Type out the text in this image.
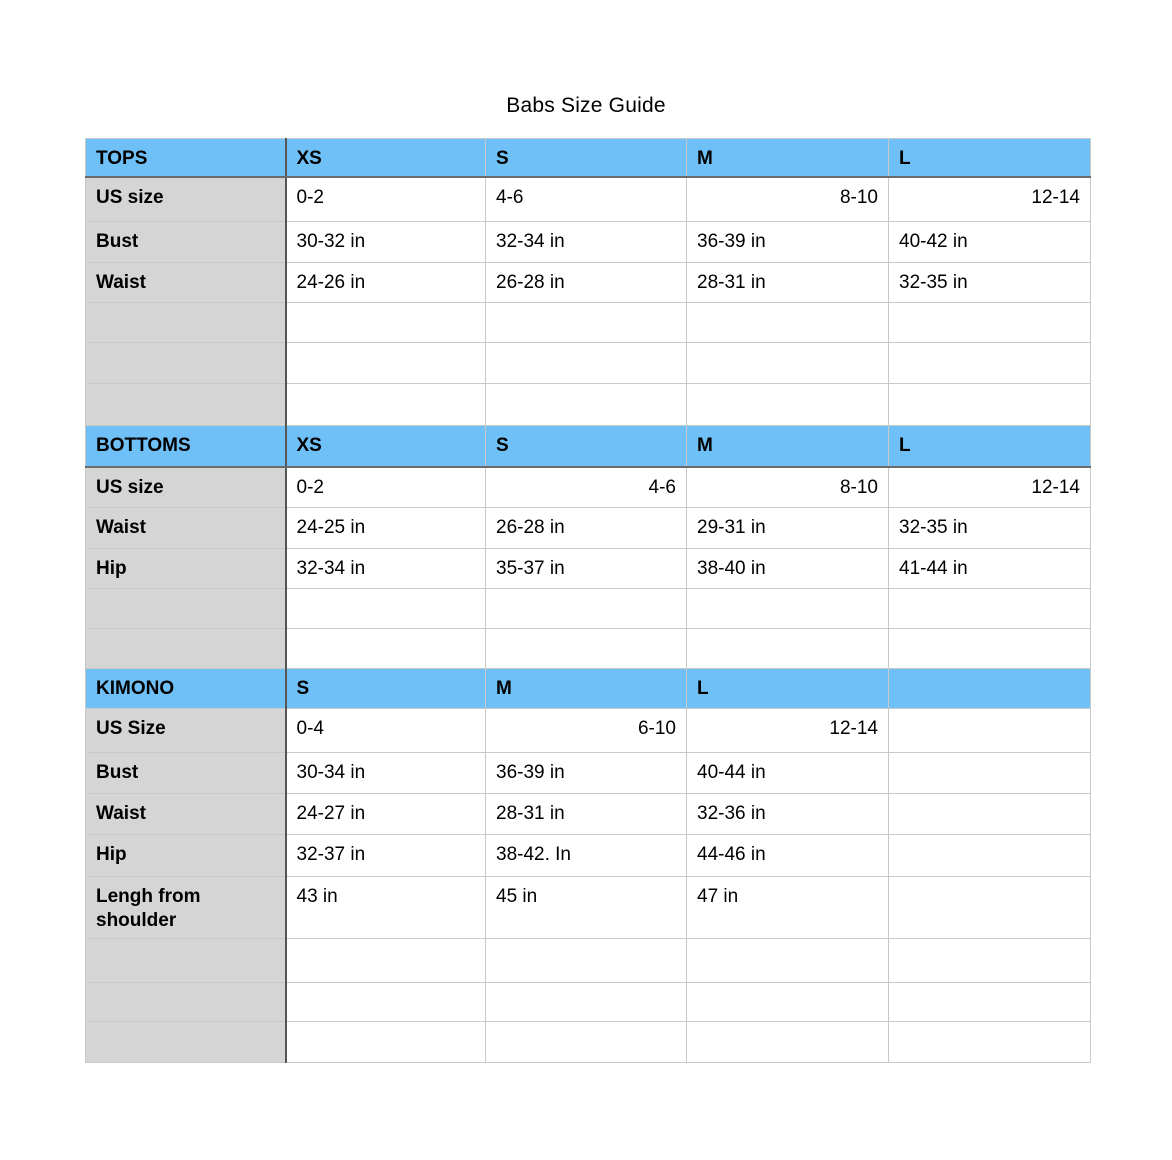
Babs Size Guide
TOPS	XS	S	M	L
US size	0-2	4-6	8-10	12-14
Bust	30-32 in	32-34 in	36-39 in	40-42 in
Waist	24-26 in	26-28 in	28-31 in	32-35 in

BOTTOMS	XS	S	M	L
US size	0-2	4-6	8-10	12-14
Waist	24-25 in	26-28 in	29-31 in	32-35 in
Hip	32-34 in	35-37 in	38-40 in	41-44 in

KIMONO	S	M	L	
US Size	0-4	6-10	12-14	
Bust	30-34 in	36-39 in	40-44 in	
Waist	24-27 in	28-31 in	32-36 in	
Hip	32-37 in	38-42. In	44-46 in	
Lengh from shoulder	43 in	45 in	47 in	
